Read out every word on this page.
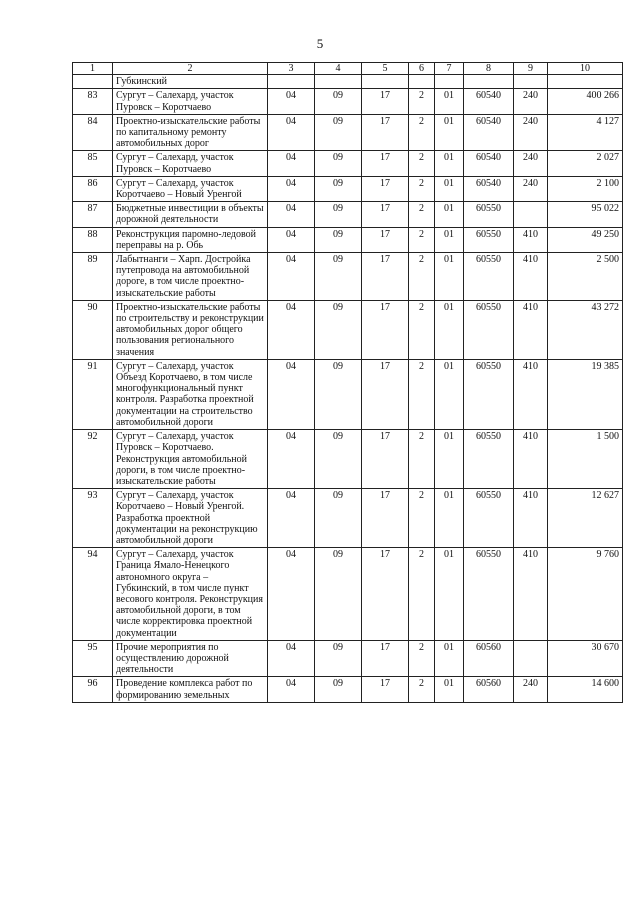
5
1	2	3	4	5	6	7	8	9	10
	Губкинский								
83	Сургут – Салехард, участок Пуровск – Коротчаево	04	09	17	2	01	60540	240	400 266
84	Проектно-изыскательские работы по капитальному ремонту автомобильных дорог	04	09	17	2	01	60540	240	4 127
85	Сургут – Салехард, участок Пуровск – Коротчаево	04	09	17	2	01	60540	240	2 027
86	Сургут – Салехард, участок Коротчаево – Новый Уренгой	04	09	17	2	01	60540	240	2 100
87	Бюджетные инвестиции в объекты дорожной деятельности	04	09	17	2	01	60550		95 022
88	Реконструкция паромно-ледовой переправы на р. Обь	04	09	17	2	01	60550	410	49 250
89	Лабытнанги – Харп. Достройка путепровода на автомобильной дороге, в том числе проектно-изыскательские работы	04	09	17	2	01	60550	410	2 500
90	Проектно-изыскательские работы по строительству и реконструкции автомобильных дорог общего пользования регионального значения	04	09	17	2	01	60550	410	43 272
91	Сургут – Салехард, участок Объезд Коротчаево, в том числе многофункциональный пункт контроля. Разработка проектной документации на строительство автомобильной дороги	04	09	17	2	01	60550	410	19 385
92	Сургут – Салехард, участок Пуровск – Коротчаево. Реконструкция автомобильной дороги, в том числе проектно-изыскательские работы	04	09	17	2	01	60550	410	1 500
93	Сургут – Салехард, участок Коротчаево – Новый Уренгой. Разработка проектной документации на реконструкцию автомобильной дороги	04	09	17	2	01	60550	410	12 627
94	Сургут – Салехард, участок Граница Ямало-Ненецкого автономного округа – Губкинский, в том числе пункт весового контроля. Реконструкция автомобильной дороги, в том числе корректировка проектной документации	04	09	17	2	01	60550	410	9 760
95	Прочие мероприятия по осуществлению дорожной деятельности	04	09	17	2	01	60560		30 670
96	Проведение комплекса работ по формированию земельных	04	09	17	2	01	60560	240	14 600
